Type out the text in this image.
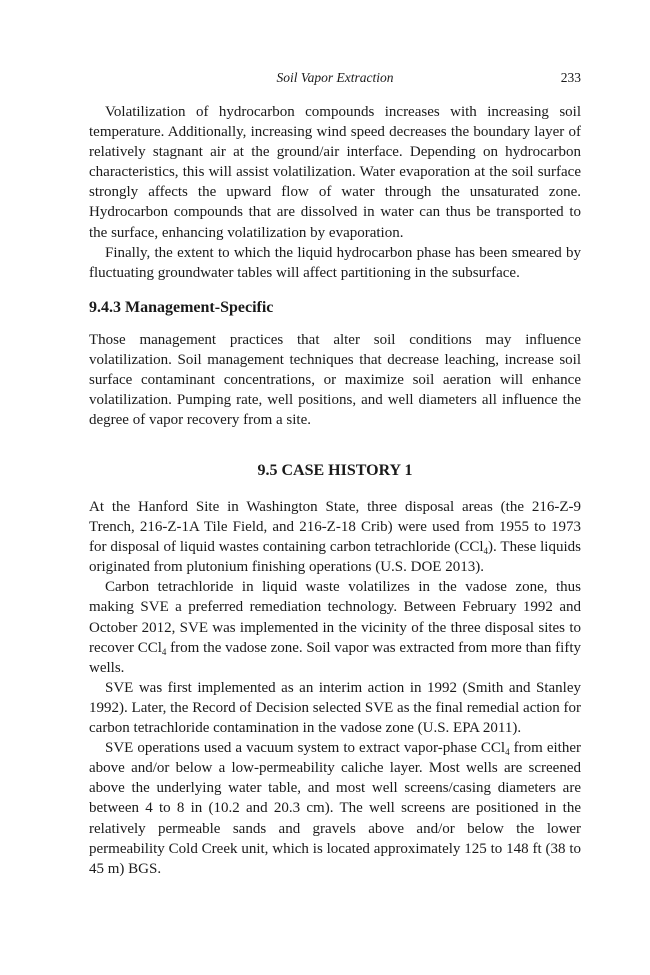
Soil Vapor Extraction	233

Volatilization of hydrocarbon compounds increases with increasing soil temperature. Additionally, increasing wind speed decreases the boundary layer of relatively stagnant air at the ground/air interface. Depending on hydrocarbon characteristics, this will assist volatilization. Water evaporation at the soil surface strongly affects the upward flow of water through the unsaturated zone. Hydrocarbon compounds that are dissolved in water can thus be transported to the surface, enhancing volatilization by evaporation.

Finally, the extent to which the liquid hydrocarbon phase has been smeared by fluctuating groundwater tables will affect partitioning in the subsurface.

9.4.3 Management-Specific

Those management practices that alter soil conditions may influence volatilization. Soil management techniques that decrease leaching, increase soil surface contaminant concentrations, or maximize soil aeration will enhance volatilization. Pumping rate, well positions, and well diameters all influence the degree of vapor recovery from a site.

9.5 CASE HISTORY 1

At the Hanford Site in Washington State, three disposal areas (the 216-Z-9 Trench, 216-Z-1A Tile Field, and 216-Z-18 Crib) were used from 1955 to 1973 for disposal of liquid wastes containing carbon tetrachloride (CCl$_4$). These liquids originated from plutonium finishing operations (U.S. DOE 2013).

Carbon tetrachloride in liquid waste volatilizes in the vadose zone, thus making SVE a preferred remediation technology. Between February 1992 and October 2012, SVE was implemented in the vicinity of the three disposal sites to recover CCl$_4$ from the vadose zone. Soil vapor was extracted from more than fifty wells.

SVE was first implemented as an interim action in 1992 (Smith and Stanley 1992). Later, the Record of Decision selected SVE as the final remedial action for carbon tetrachloride contamination in the vadose zone (U.S. EPA 2011).

SVE operations used a vacuum system to extract vapor-phase CCl$_4$ from either above and/or below a low-permeability caliche layer. Most wells are screened above the underlying water table, and most well screens/casing diameters are between 4 to 8 in (10.2 and 20.3 cm). The well screens are positioned in the relatively permeable sands and gravels above and/or below the lower permeability Cold Creek unit, which is located approximately 125 to 148 ft (38 to 45 m) BGS.
